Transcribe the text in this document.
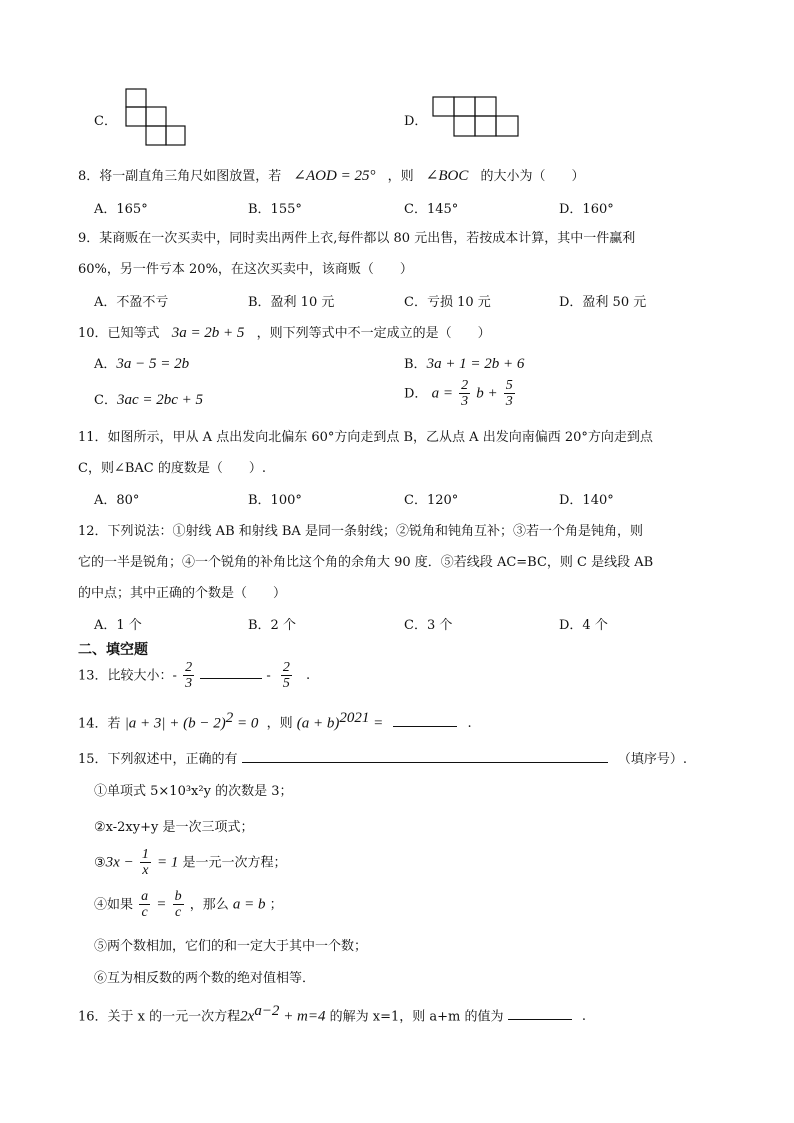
C．	D．
8．将一副直角三角尺如图放置，若 ∠AOD = 25° ，则 ∠BOC 的大小为（　　）
A．165°	B．155°	C．145°	D．160°
9．某商贩在一次买卖中，同时卖出两件上衣,每件都以 80 元出售，若按成本计算，其中一件赢利
60%，另一件亏本 20%，在这次买卖中，该商贩（　　）
A．不盈不亏	B．盈利 10 元	C．亏损 10 元	D．盈利 50 元
10．已知等式 3a = 2b + 5 ，则下列等式中不一定成立的是（　　）
A．3a − 5 = 2b	B．3a + 1 = 2b + 6
C．3ac = 2bc + 5	D． $a = \frac{2}{3}$ $b + \frac{5}{3}$
11．如图所示，甲从 A 点出发向北偏东 60°方向走到点 B，乙从点 A 出发向南偏西 20°方向走到点
C，则∠BAC 的度数是（　　）.
A．80°	B．100°	C．120°	D．140°
12．下列说法：①射线 AB 和射线 BA 是同一条射线；②锐角和钝角互补；③若一个角是钝角，则
它的一半是锐角；④一个锐角的补角比这个角的余角大 90 度．⑤若线段 AC=BC，则 C 是线段 AB
的中点；其中正确的个数是（　　）
A．1 个	B．2 个	C．3 个	D．4 个
二、填空题
13．比较大小：- $\frac{2}{3}$	- $\frac{2}{5}$ .
14．若 $|a + 3| + (b - 2)^2 = 0$ ，则 $(a + b)^{2021}$ =	.
15．下列叙述中，正确的有	（填序号）.
①单项式 5×10³x²y 的次数是 3；
②x-2xy+y 是一次三项式；
③3x − $\frac{1}{x} = 1$ 是一元一次方程；
④如果 $\frac{a}{c} = \frac{b}{c}$ ，那么 a = b ；
⑤两个数相加，它们的和一定大于其中一个数；
⑥互为相反数的两个数的绝对值相等．
16．关于 x 的一元一次方程$2x^{a-2} + m=4$ 的解为 x=1，则 a+m 的值为	.
